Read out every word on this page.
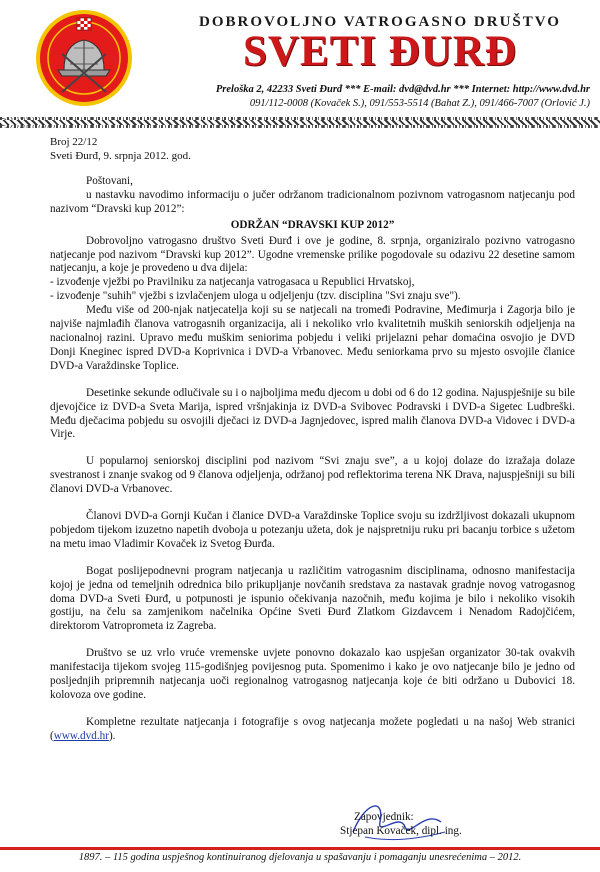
DOBROVOLJNO VATROGASNO DRUŠTVO
SVETI ĐURĐ
Preloška 2, 42233 Sveti Đurđ *** E-mail: dvd@dvd.hr *** Internet: http://www.dvd.hr
091/112-0008 (Kovaček S.), 091/553-5514 (Bahat Z.), 091/466-7007 (Orlović J.)
Broj 22/12
Sveti Đurđ, 9. srpnja 2012. god.

Poštovani,

u nastavku navodimo informaciju o jučer održanom tradicionalnom pozivnom vatrogasnom natjecanju pod nazivom “Dravski kup 2012”:

ODRŽAN “DRAVSKI KUP 2012”

Dobrovoljno vatrogasno društvo Sveti Đurđ i ove je godine, 8. srpnja, organiziralo pozivno vatrogasno natjecanje pod nazivom “Dravski kup 2012”. Ugodne vremenske prilike pogodovale su odazivu 22 desetine samom natjecanju, a koje je provedeno u dva dijela:

- izvođenje vježbi po Pravilniku za natjecanja vatrogasaca u Republici Hrvatskoj,
- izvođenje "suhih" vježbi s izvlačenjem uloga u odjeljenju (tzv. disciplina "Svi znaju sve").

Među više od 200-njak natjecatelja koji su se natjecali na tromeđi Podravine, Međimurja i Zagorja bilo je najviše najmlađih članova vatrogasnih organizacija, ali i nekoliko vrlo kvalitetnih muških seniorskih odjeljenja na nacionalnoj razini. Upravo među muškim seniorima pobjedu i veliki prijelazni pehar domaćina osvojio je DVD Donji Kneginec ispred DVD-a Koprivnica i DVD-a Vrbanovec. Među seniorkama prvo su mjesto osvojile članice DVD-a Varaždinske Toplice.

Desetinke sekunde odlučivale su i o najboljima među djecom u dobi od 6 do 12 godina. Najuspješnije su bile djevojčice iz DVD-a Sveta Marija, ispred vršnjakinja iz DVD-a Svibovec Podravski i DVD-a Sigetec Ludbreški. Među dječacima pobjedu su osvojili dječaci iz DVD-a Jagnjedovec, ispred malih članova DVD-a Vidovec i DVD-a Virje.

U popularnoj seniorskoj disciplini pod nazivom “Svi znaju sve”, a u kojoj dolaze do izražaja dolaze svestranost i znanje svakog od 9 članova odjeljenja, održanoj pod reflektorima terena NK Drava, najuspješniji su bili članovi DVD-a Vrbanovec.

Članovi DVD-a Gornji Kučan i članice DVD-a Varaždinske Toplice svoju su izdržljivost dokazali ukupnom pobjedom tijekom izuzetno napetih dvoboja u potezanju užeta, dok je najspretniju ruku pri bacanju torbice s užetom na metu imao Vladimir Kovaček iz Svetog Đurđa.

Bogat poslijepodnevni program natjecanja u različitim vatrogasnim disciplinama, odnosno manifestacija kojoj je jedna od temeljnih odrednica bilo prikupljanje novčanih sredstava za nastavak gradnje novog vatrogasnog doma DVD-a Sveti Đurđ, u potpunosti je ispunio očekivanja nazočnih, među kojima je bilo i nekoliko visokih gostiju, na čelu sa zamjenikom načelnika Općine Sveti Đurđ Zlatkom Gizdavcem i Nenadom Radojčićem, direktorom Vatroprometa iz Zagreba.

Društvo se uz vrlo vruće vremenske uvjete ponovno dokazalo kao uspješan organizator 30-tak ovakvih manifestacija tijekom svojeg 115-godišnjeg povijesnog puta. Spomenimo i kako je ovo natjecanje bilo je jedno od posljednjih pripremnih natjecanja uoči regionalnog vatrogasnog natjecanja koje će biti održano u Dubovici 18. kolovoza ove godine.

Kompletne rezultate natjecanja i fotografije s ovog natjecanja možete pogledati u na našoj Web stranici (www.dvd.hr).

Zapovjednik:
Stjepan Kovaček, dipl. ing.
1897. – 115 godina uspješnog kontinuiranog djelovanja u spašavanju i pomaganju unesrećenima – 2012.
